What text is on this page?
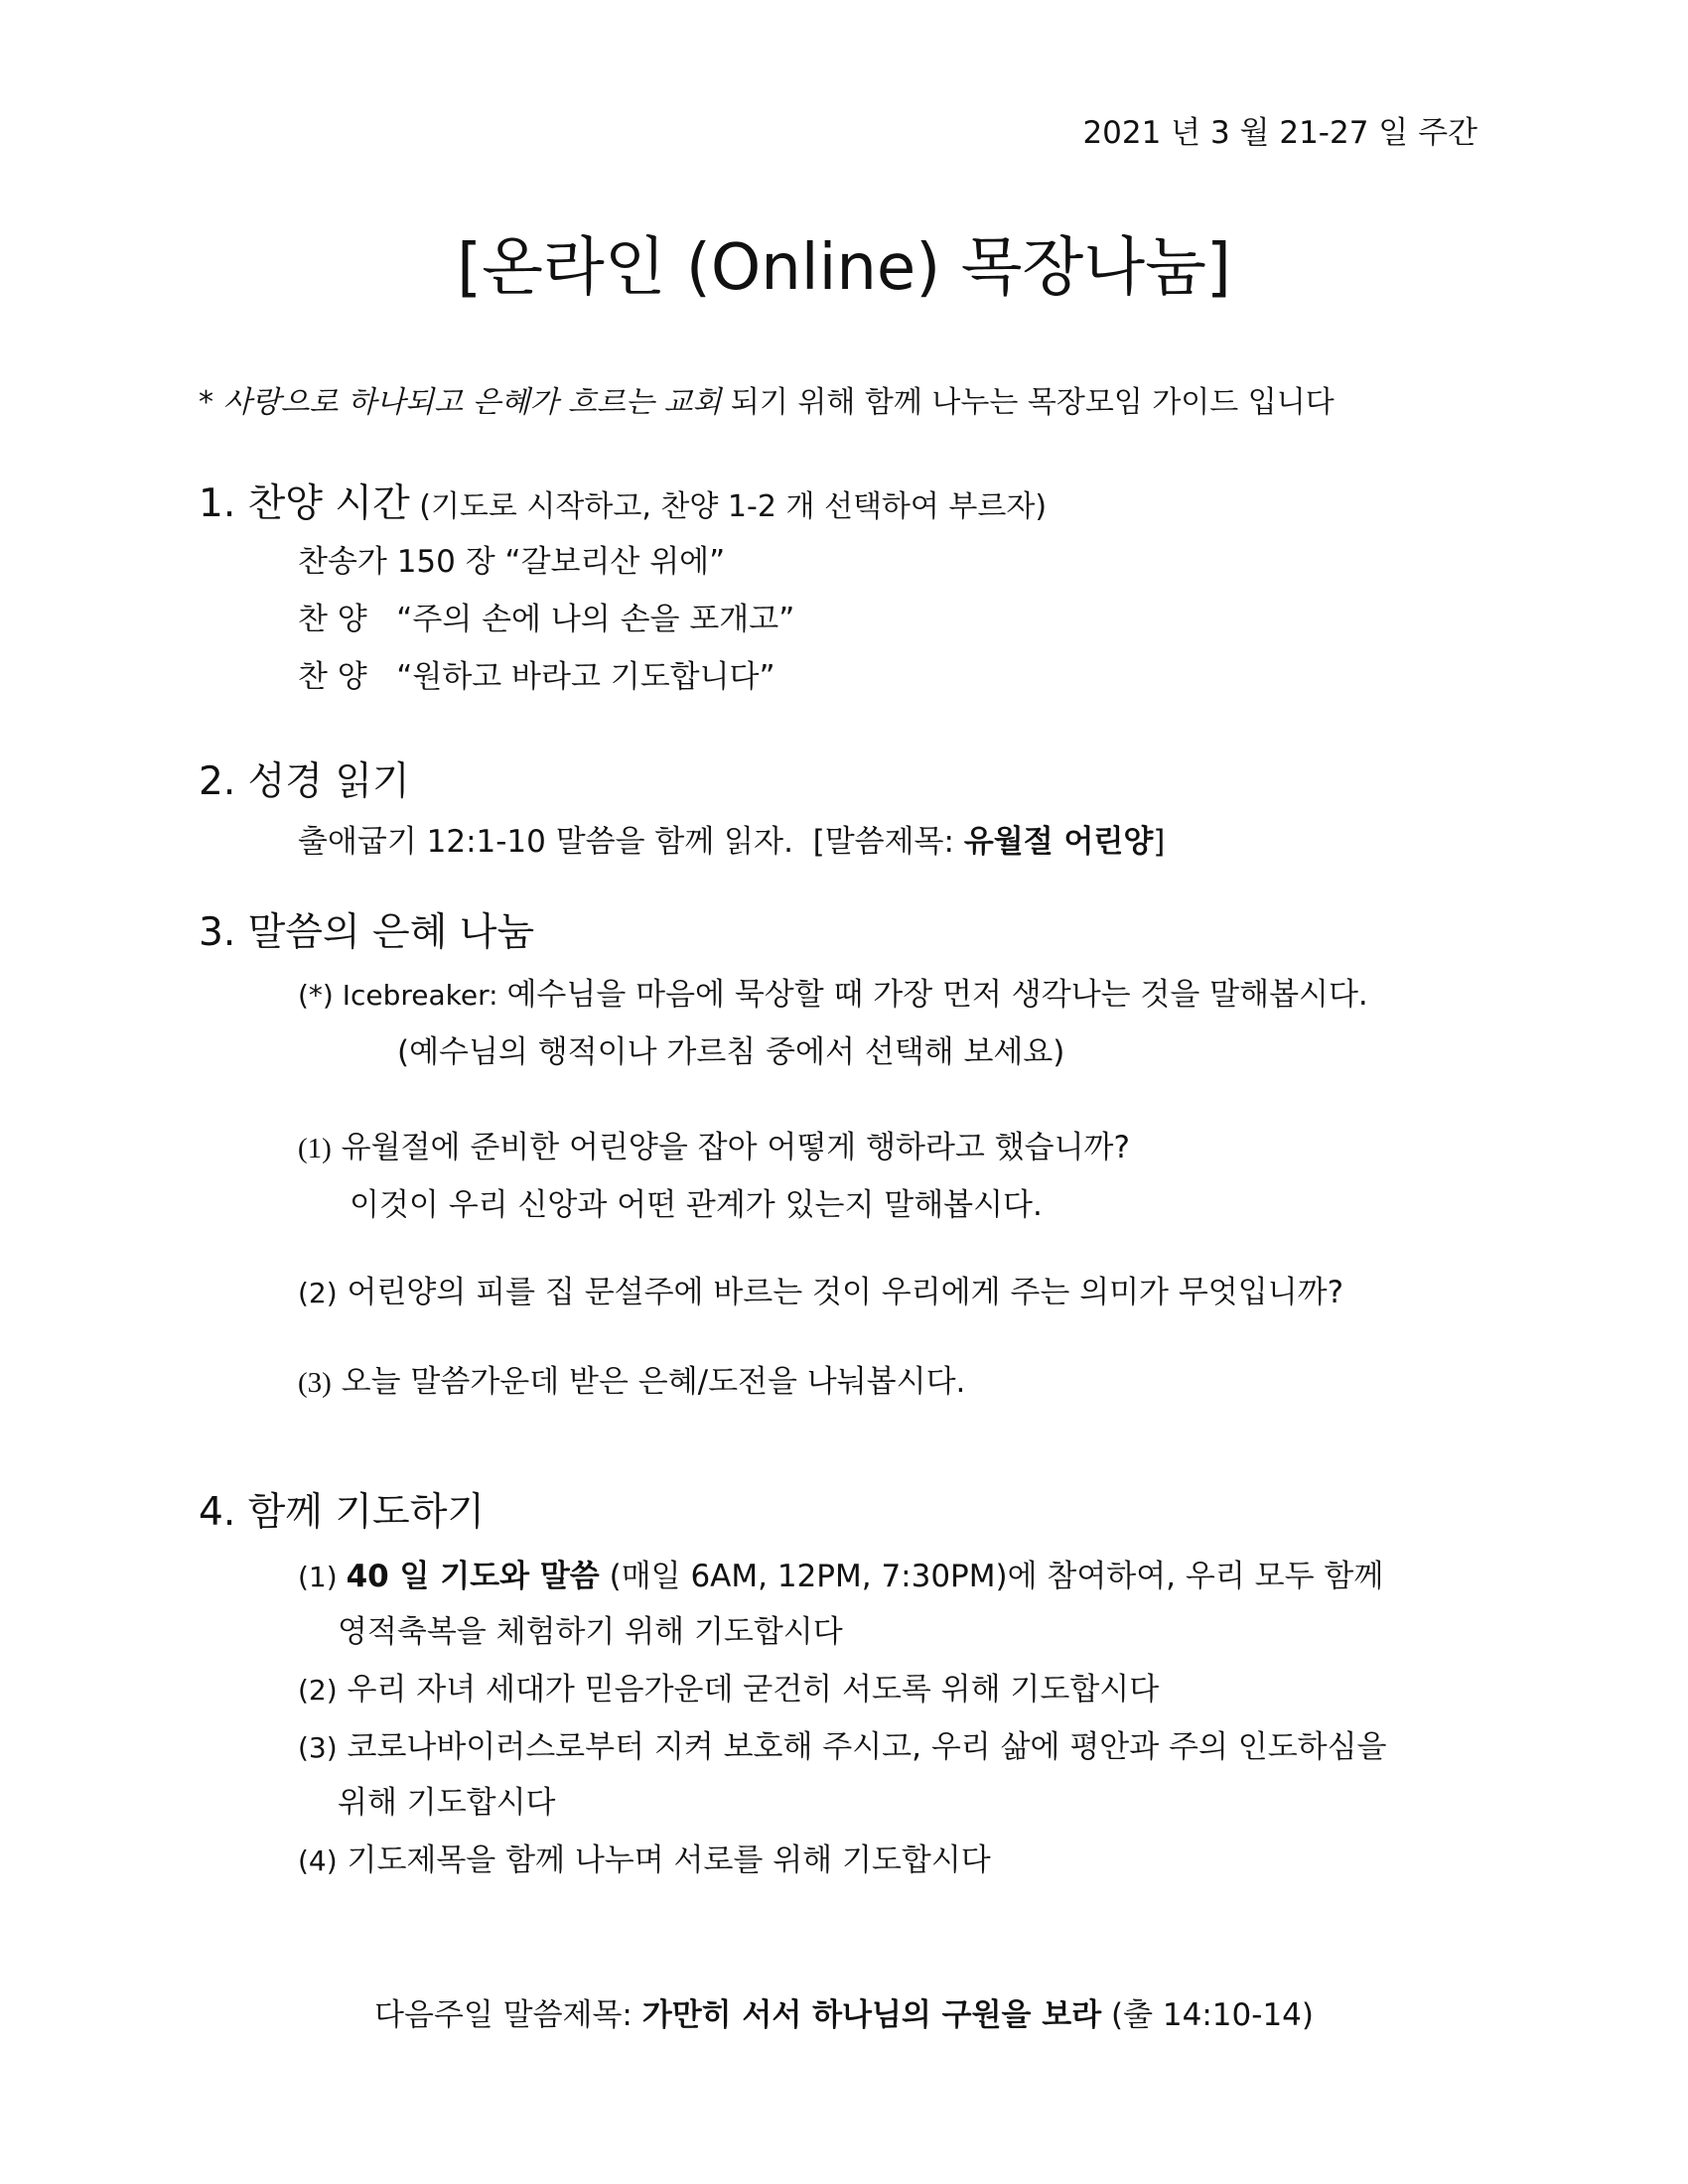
2021 년 3 월 21-27 일 주간
[온라인 (Online) 목장나눔]
* 사랑으로 하나되고 은혜가 흐르는 교회 되기 위해 함께 나누는 목장모임 가이드 입니다
1. 찬양 시간 (기도로 시작하고, 찬양 1-2 개 선택하여 부르자)
찬송가 150 장 “갈보리산 위에”
찬 양   “주의 손에 나의 손을 포개고”
찬 양   “원하고 바라고 기도합니다”
2. 성경 읽기
출애굽기 12:1-10 말씀을 함께 읽자.  [말씀제목: 유월절 어린양]
3. 말씀의 은혜 나눔
(*) Icebreaker: 예수님을 마음에 묵상할 때 가장 먼저 생각나는 것을 말해봅시다.
(예수님의 행적이나 가르침 중에서 선택해 보세요)
(1) 유월절에 준비한 어린양을 잡아 어떻게 행하라고 했습니까?
이것이 우리 신앙과 어떤 관계가 있는지 말해봅시다.
(2) 어린양의 피를 집 문설주에 바르는 것이 우리에게 주는 의미가 무엇입니까?
(3) 오늘 말씀가운데 받은 은혜/도전을 나눠봅시다.
4. 함께 기도하기
(1) 40 일 기도와 말씀 (매일 6AM, 12PM, 7:30PM)에 참여하여, 우리 모두 함께
영적축복을 체험하기 위해 기도합시다
(2) 우리 자녀 세대가 믿음가운데 굳건히 서도록 위해 기도합시다
(3) 코로나바이러스로부터 지켜 보호해 주시고, 우리 삶에 평안과 주의 인도하심을
위해 기도합시다
(4) 기도제목을 함께 나누며 서로를 위해 기도합시다
다음주일 말씀제목: 가만히 서서 하나님의 구원을 보라 (출 14:10-14)
